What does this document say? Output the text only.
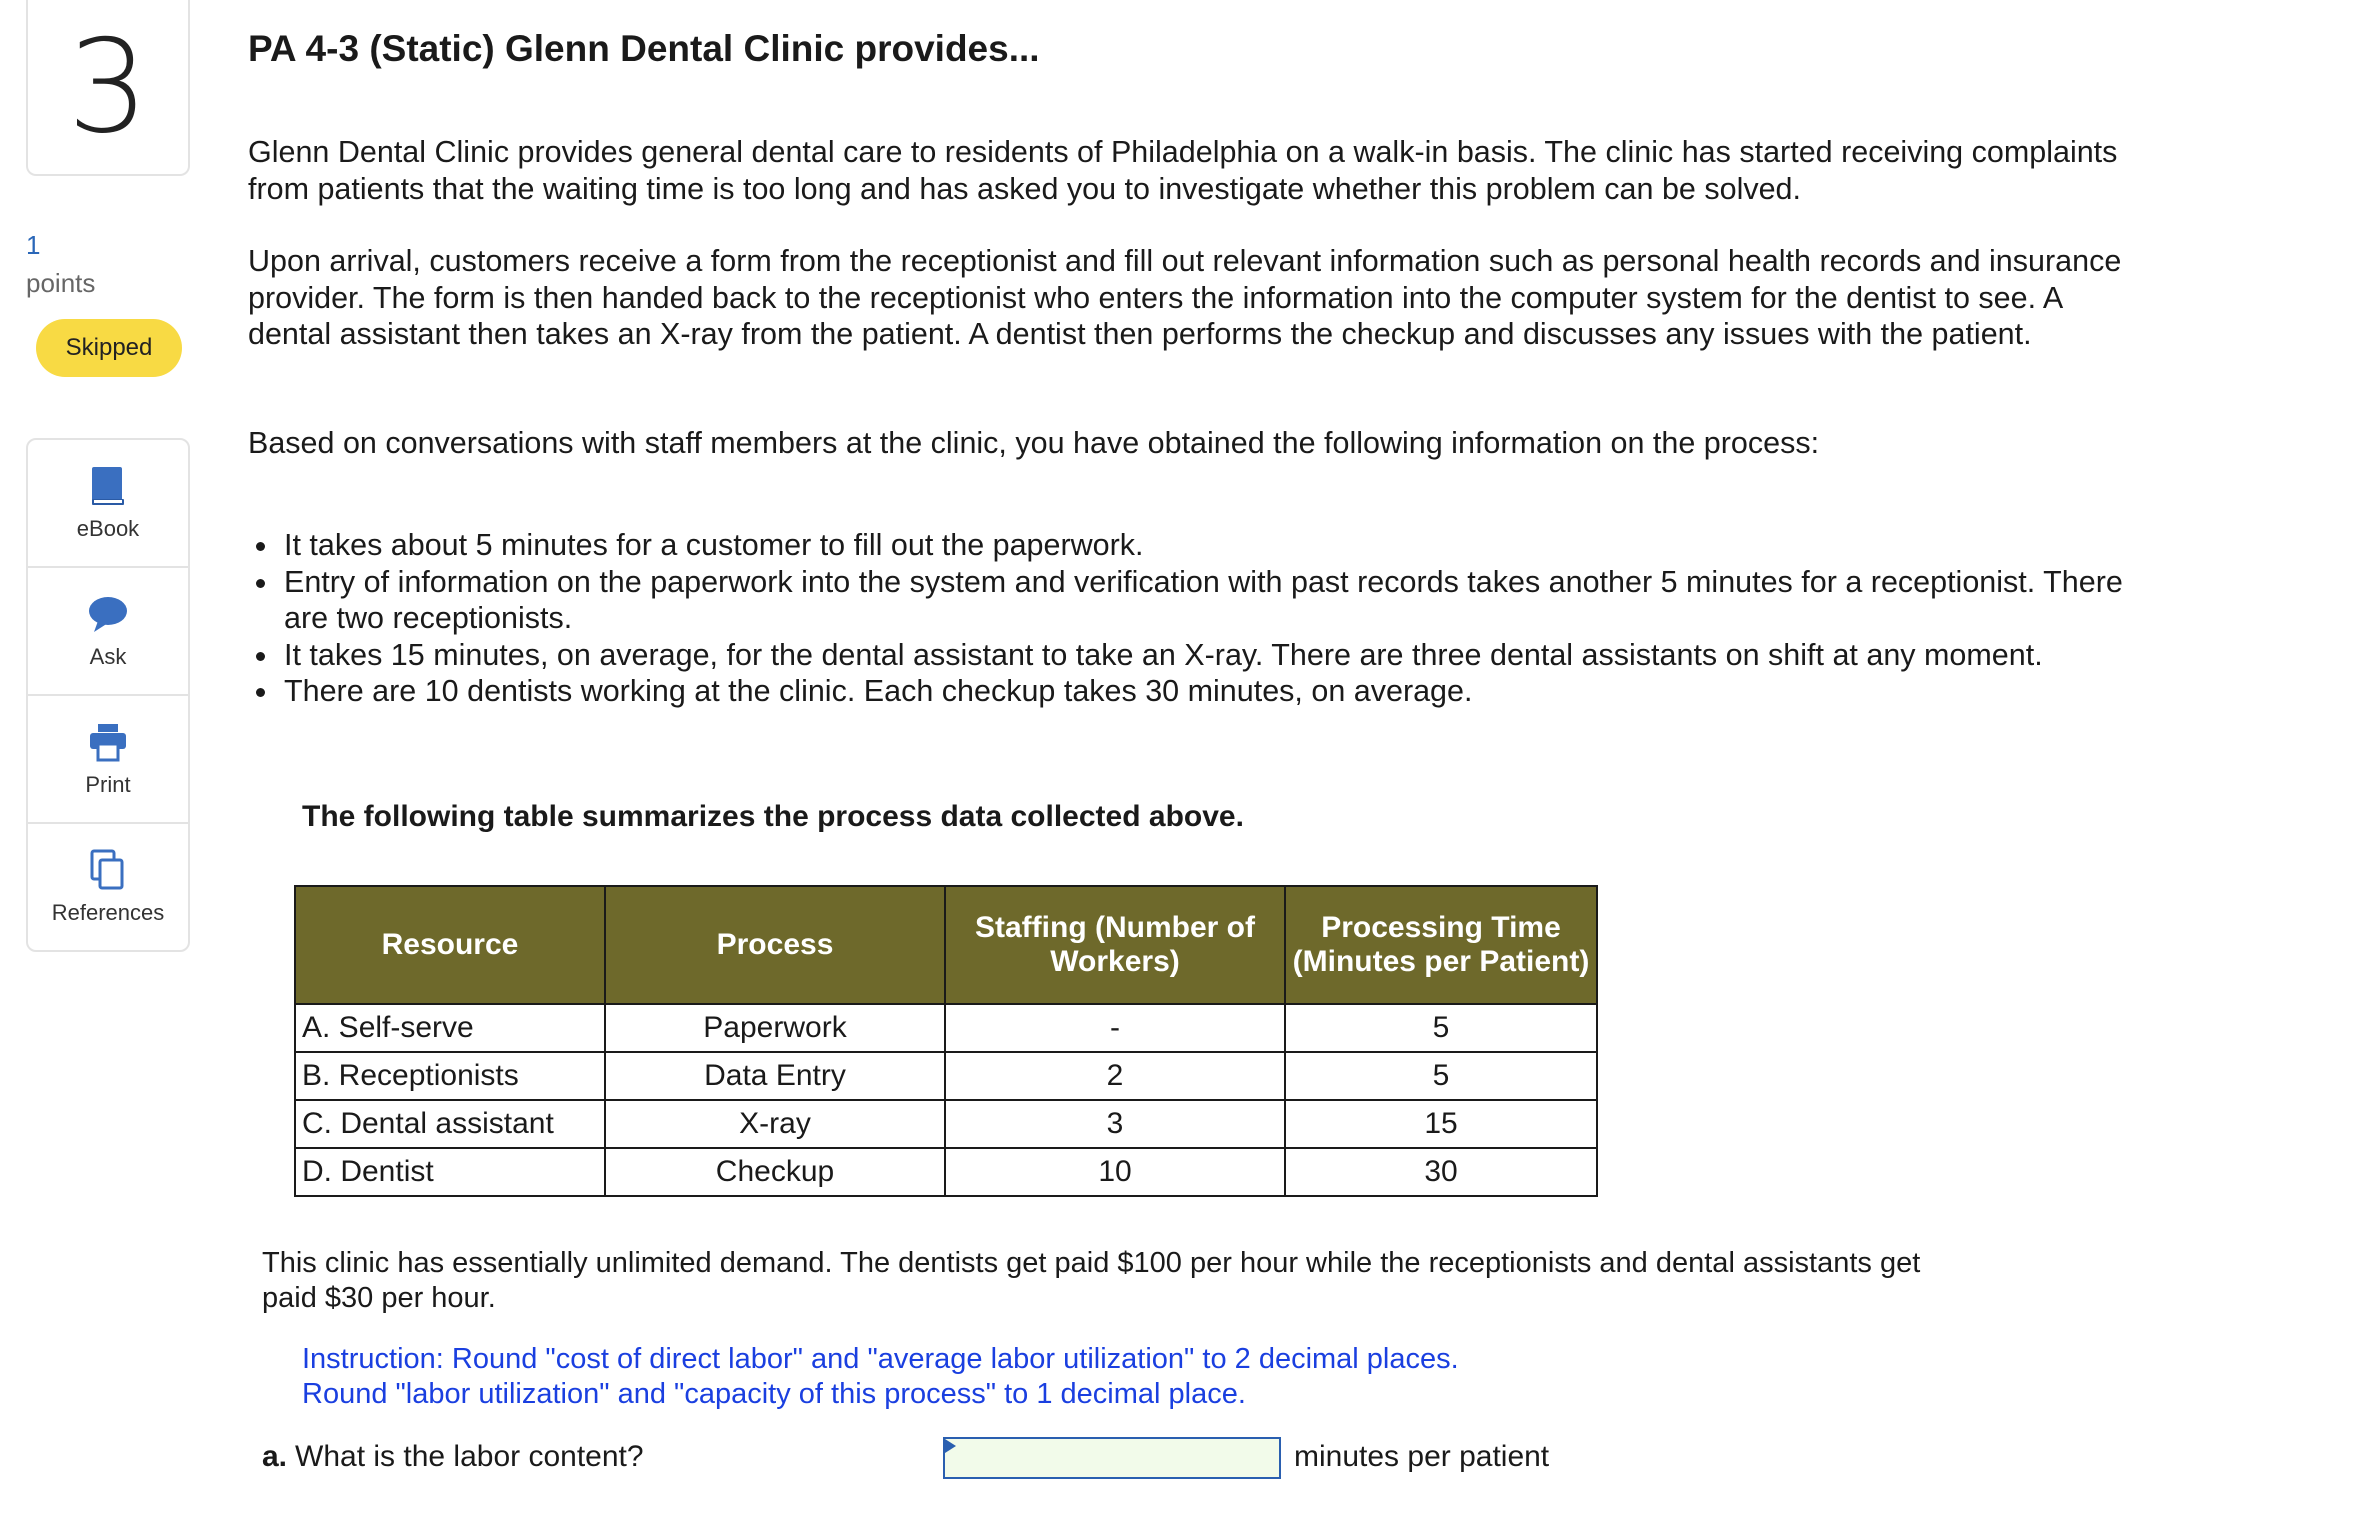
3
1
points
Skipped
eBook
Ask
Print
References
PA 4-3 (Static) Glenn Dental Clinic provides...

Glenn Dental Clinic provides general dental care to residents of Philadelphia on a walk-in basis. The clinic has started receiving complaints from patients that the waiting time is too long and has asked you to investigate whether this problem can be solved.

Upon arrival, customers receive a form from the receptionist and fill out relevant information such as personal health records and insurance provider. The form is then handed back to the receptionist who enters the information into the computer system for the dentist to see. A dental assistant then takes an X-ray from the patient. A dentist then performs the checkup and discusses any issues with the patient.

Based on conversations with staff members at the clinic, you have obtained the following information on the process:

It takes about 5 minutes for a customer to fill out the paperwork.
Entry of information on the paperwork into the system and verification with past records takes another 5 minutes for a receptionist. There are two receptionists.
It takes 15 minutes, on average, for the dental assistant to take an X-ray. There are three dental assistants on shift at any moment.
There are 10 dentists working at the clinic. Each checkup takes 30 minutes, on average.
The following table summarizes the process data collected above.
Resource	Process	Staffing (Number of Workers)	Processing Time (Minutes per Patient)
A. Self-serve	Paperwork	-	5
B. Receptionists	Data Entry	2	5
C. Dental assistant	X-ray	3	15
D. Dentist	Checkup	10	30
This clinic has essentially unlimited demand. The dentists get paid $100 per hour while the receptionists and dental assistants get paid $30 per hour.
Instruction: Round "cost of direct labor" and "average labor utilization" to 2 decimal places.
Round "labor utilization" and "capacity of this process" to 1 decimal place.
a. What is the labor content?	minutes per patient
